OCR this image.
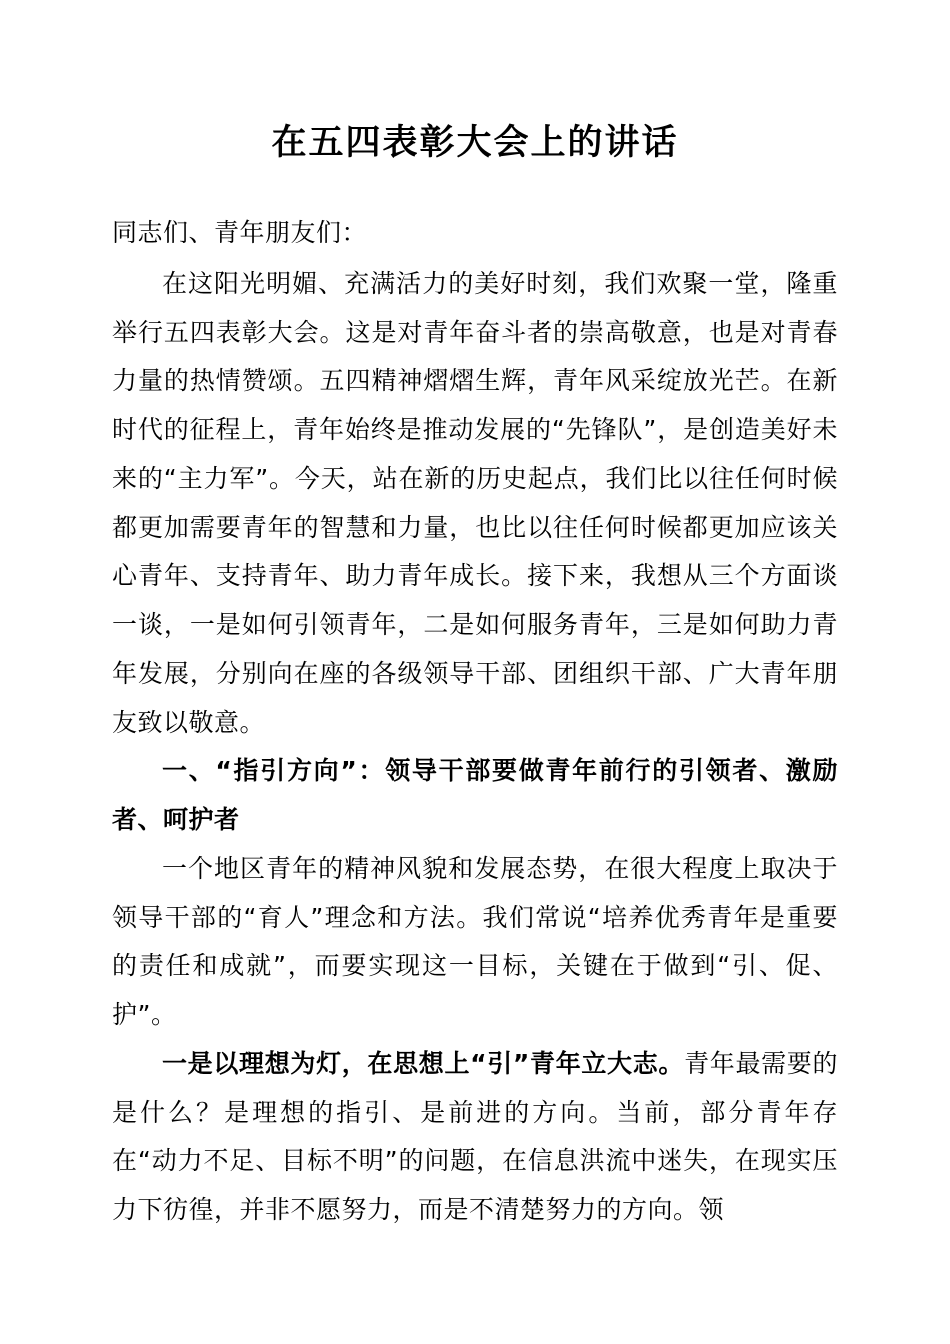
在五四表彰大会上的讲话
同志们、青年朋友们：

在这阳光明媚、充满活力的美好时刻，我们欢聚一堂，隆重举行五四表彰大会。这是对青年奋斗者的崇高敬意，也是对青春力量的热情赞颂。五四精神熠熠生辉，青年风采绽放光芒。在新时代的征程上，青年始终是推动发展的“先锋队”，是创造美好未来的“主力军”。今天，站在新的历史起点，我们比以往任何时候都更加需要青年的智慧和力量，也比以往任何时候都更加应该关心青年、支持青年、助力青年成长。接下来，我想从三个方面谈一谈，一是如何引领青年，二是如何服务青年，三是如何助力青年发展，分别向在座的各级领导干部、团组织干部、广大青年朋友致以敬意。

一、“指引方向”：领导干部要做青年前行的引领者、激励者、呵护者

一个地区青年的精神风貌和发展态势，在很大程度上取决于领导干部的“育人”理念和方法。我们常说“培养优秀青年是重要的责任和成就”，而要实现这一目标，关键在于做到“引、促、护”。

一是以理想为灯，在思想上“引”青年立大志。青年最需要的是什么？是理想的指引、是前进的方向。当前，部分青年存在“动力不足、目标不明”的问题，在信息洪流中迷失，在现实压力下彷徨，并非不愿努力，而是不清楚努力的方向。领
